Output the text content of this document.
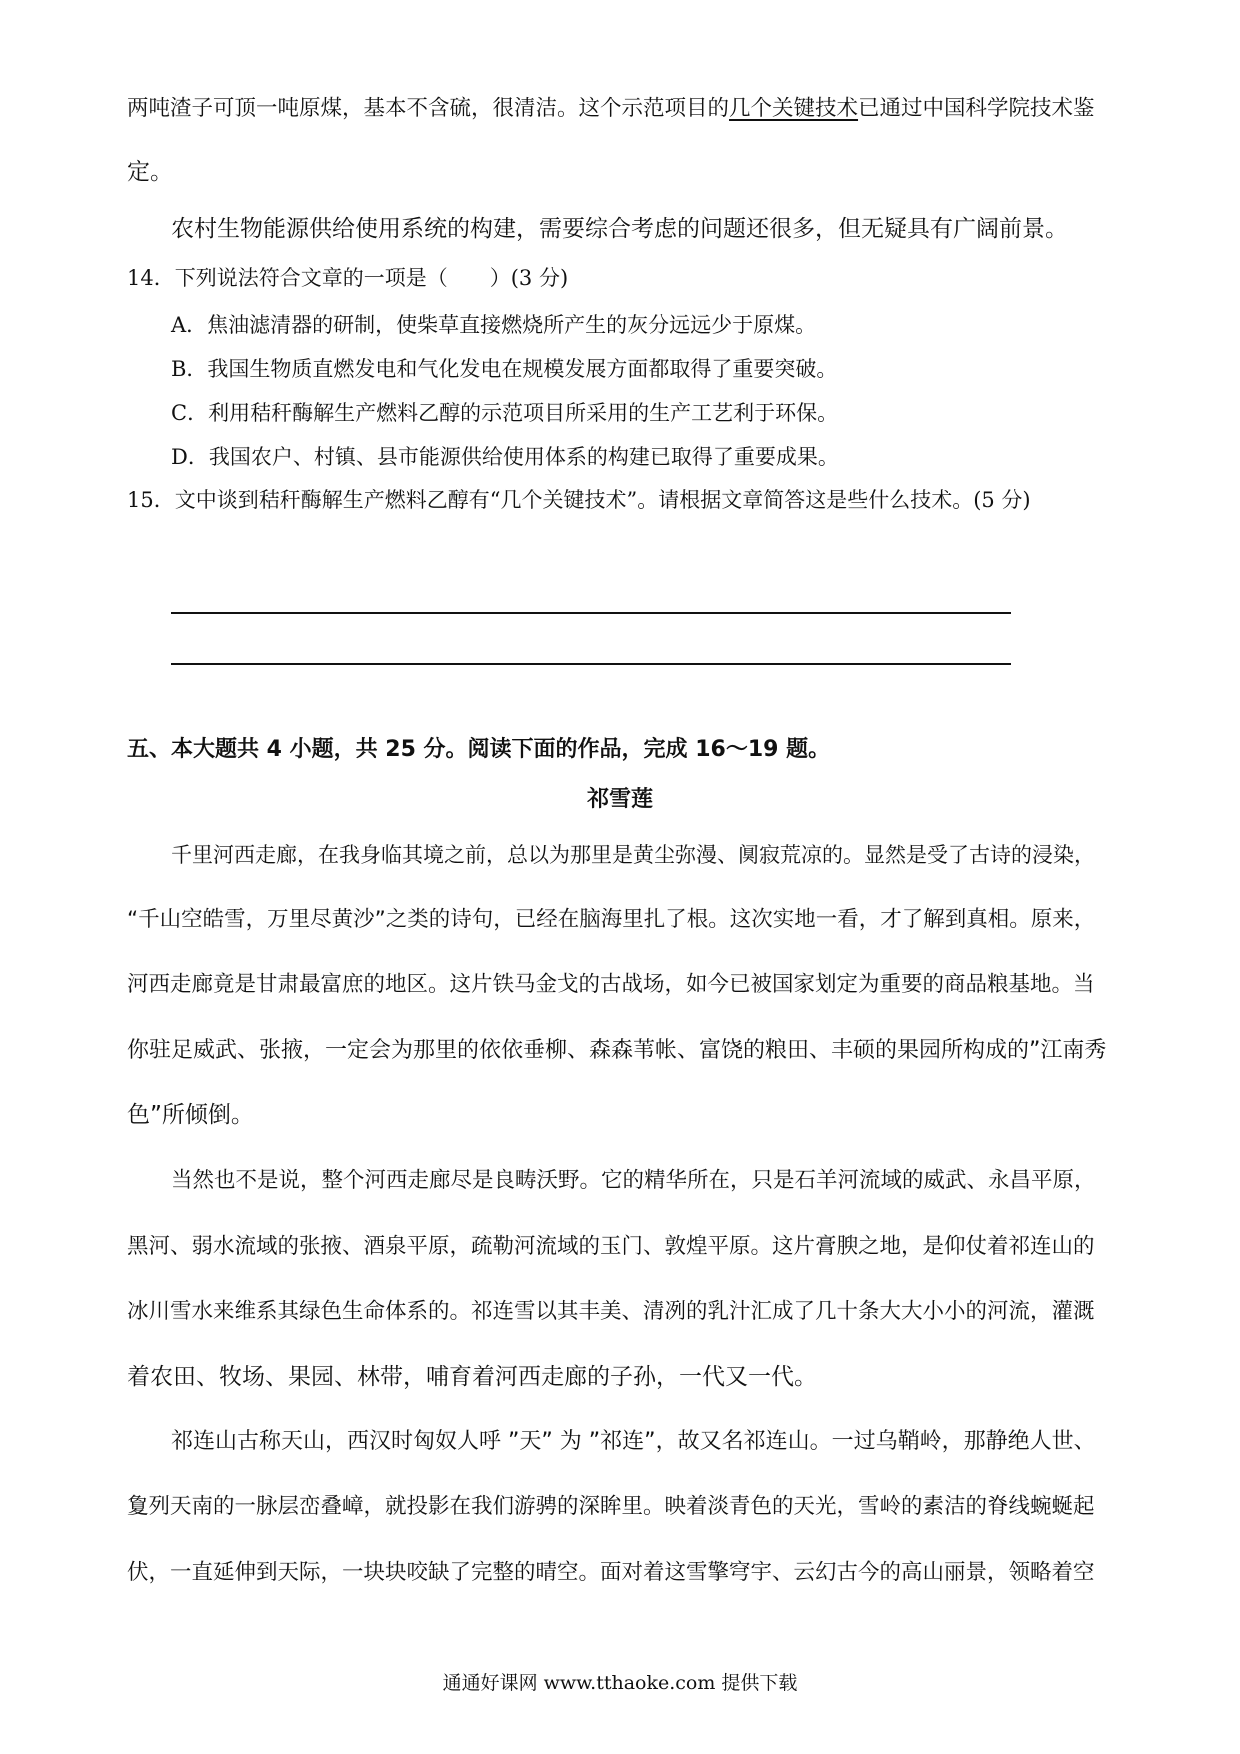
两吨渣子可顶一吨原煤，基本不含硫，很清洁。这个示范项目的几个关键技术已通过中国科学院技术鉴

定。

农村生物能源供给使用系统的构建，需要综合考虑的问题还很多，但无疑具有广阔前景。

14．下列说法符合文章的一项是（　　）(3 分)

A．焦油滤清器的研制，使柴草直接燃烧所产生的灰分远远少于原煤。

B．我国生物质直燃发电和气化发电在规模发展方面都取得了重要突破。

C．利用秸秆酶解生产燃料乙醇的示范项目所采用的生产工艺利于环保。

D．我国农户、村镇、县市能源供给使用体系的构建已取得了重要成果。

15．文中谈到秸秆酶解生产燃料乙醇有“几个关键技术”。请根据文章简答这是些什么技术。(5 分)

五、本大题共 4 小题，共 25 分。阅读下面的作品，完成 16～19 题。

祁雪莲

千里河西走廊，在我身临其境之前，总以为那里是黄尘弥漫、阒寂荒凉的。显然是受了古诗的浸染，

“千山空皓雪，万里尽黄沙”之类的诗句，已经在脑海里扎了根。这次实地一看，才了解到真相。原来，

河西走廊竟是甘肃最富庶的地区。这片铁马金戈的古战场，如今已被国家划定为重要的商品粮基地。当

你驻足威武、张掖，一定会为那里的依依垂柳、森森苇帐、富饶的粮田、丰硕的果园所构成的”江南秀

色”所倾倒。

当然也不是说，整个河西走廊尽是良畴沃野。它的精华所在，只是石羊河流域的威武、永昌平原，

黑河、弱水流域的张掖、酒泉平原，疏勒河流域的玉门、敦煌平原。这片膏腴之地，是仰仗着祁连山的

冰川雪水来维系其绿色生命体系的。祁连雪以其丰美、清冽的乳汁汇成了几十条大大小小的河流，灌溉

着农田、牧场、果园、林带，哺育着河西走廊的子孙，一代又一代。

祁连山古称天山，西汉时匈奴人呼 ”天” 为 ”祁连”，故又名祁连山。一过乌鞘岭，那静绝人世、

夐列天南的一脉层峦叠嶂，就投影在我们游骋的深眸里。映着淡青色的天光，雪岭的素洁的脊线蜿蜒起

伏，一直延伸到天际，一块块咬缺了完整的晴空。面对着这雪擎穹宇、云幻古今的高山丽景，领略着空

通通好课网 www.tthaoke.com 提供下载
